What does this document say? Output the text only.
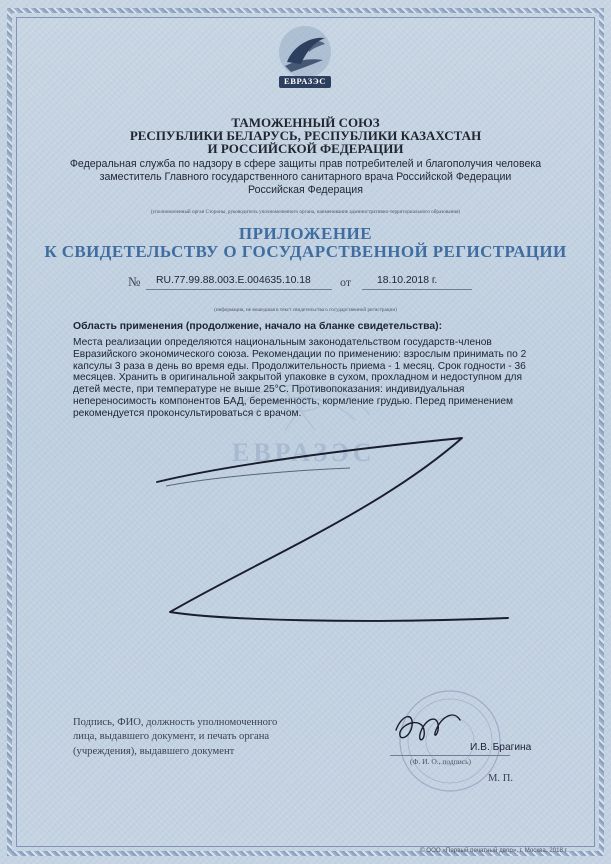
ЕВРАЗЭС
ЕВРАЗЭС
ТАМОЖЕННЫЙ СОЮЗ
РЕСПУБЛИКИ БЕЛАРУСЬ, РЕСПУБЛИКИ КАЗАХСТАН
И РОССИЙСКОЙ ФЕДЕРАЦИИ
Федеральная служба по надзору в сфере защиты прав потребителей и благополучия человека
заместитель Главного государственного санитарного врача Российской Федерации
Российская Федерация
(уполномоченный орган Стороны, руководитель уполномоченного органа, наименование административно-территориального образования)
ПРИЛОЖЕНИЕ
К СВИДЕТЕЛЬСТВУ О ГОСУДАРСТВЕННОЙ РЕГИСТРАЦИИ
№ RU.77.99.88.003.Е.004635.10.18 от 18.10.2018 г.
(информация, не вошедшая в текст свидетельства о государственной регистрации)
Область применения (продолжение, начало на бланке свидетельства):
Места реализации определяются национальным законодательством государств-членов
Евразийского экономического союза. Рекомендации по применению: взрослым принимать по 2
капсулы 3 раза в день во время еды. Продолжительность приема - 1 месяц. Срок годности - 36
месяцев. Хранить в оригинальной закрытой упаковке в сухом, прохладном и недоступном для
детей месте, при температуре не выше 25°С. Противопоказания: индивидуальная
непереносимость компонентов БАД, беременность, кормление грудью. Перед применением
рекомендуется проконсультироваться с врачом.
Подпись, ФИО, должность уполномоченного
лица, выдавшего документ, и печать органа
(учреждения), выдавшего документ	И.В. Брагина
(Ф. И. О., подпись)
М. П.
© ООО «Первый печатный двор», г. Москва, 2018 г.
